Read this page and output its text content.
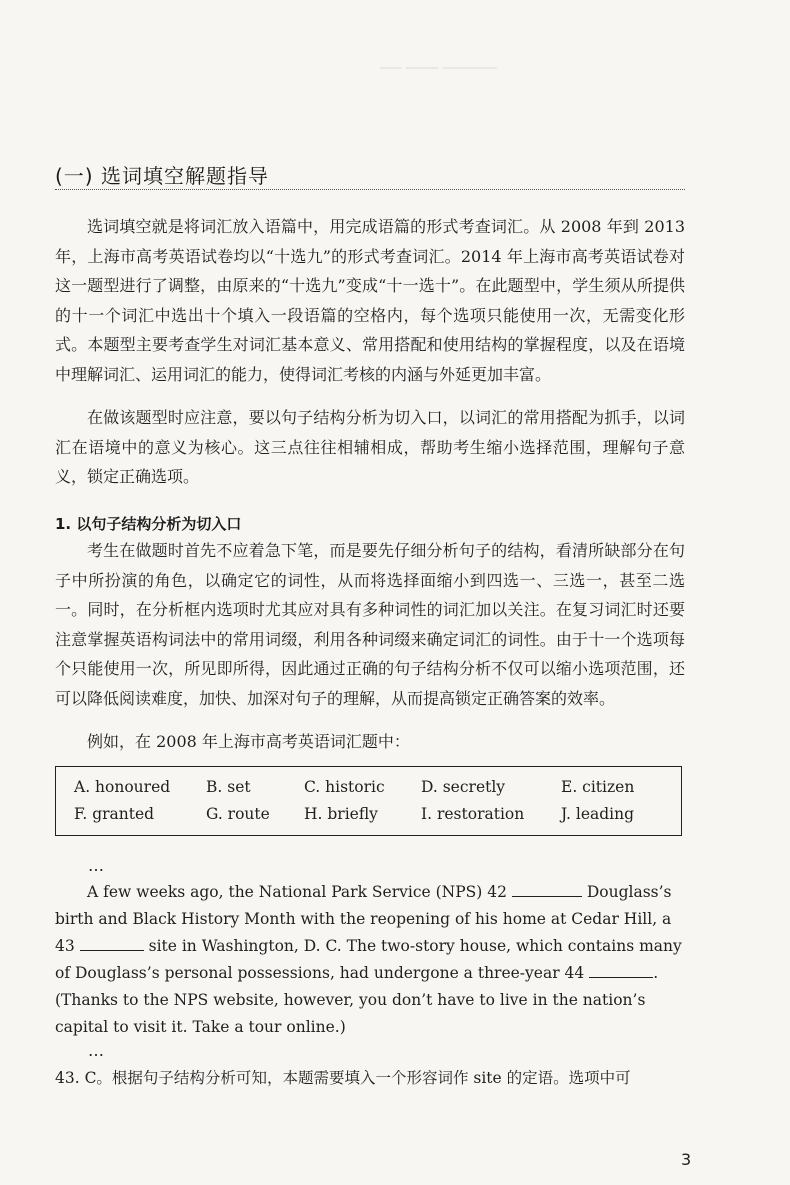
▔▔▔▔▔ ▔▔▔ ▔▔
(一) 选词填空解题指导

选词填空就是将词汇放入语篇中，用完成语篇的形式考查词汇。从 2008 年到 2013 年，上海市高考英语试卷均以“十选九”的形式考查词汇。2014 年上海市高考英语试卷对这一题型进行了调整，由原来的“十选九”变成“十一选十”。在此题型中，学生须从所提供的十一个词汇中选出十个填入一段语篇的空格内，每个选项只能使用一次，无需变化形式。本题型主要考查学生对词汇基本意义、常用搭配和使用结构的掌握程度，以及在语境中理解词汇、运用词汇的能力，使得词汇考核的内涵与外延更加丰富。

在做该题型时应注意，要以句子结构分析为切入口，以词汇的常用搭配为抓手，以词汇在语境中的意义为核心。这三点往往相辅相成，帮助考生缩小选择范围，理解句子意义，锁定正确选项。

1. 以句子结构分析为切入口

考生在做题时首先不应着急下笔，而是要先仔细分析句子的结构，看清所缺部分在句子中所扮演的角色，以确定它的词性，从而将选择面缩小到四选一、三选一，甚至二选一。同时，在分析框内选项时尤其应对具有多种词性的词汇加以关注。在复习词汇时还要注意掌握英语构词法中的常用词缀，利用各种词缀来确定词汇的词性。由于十一个选项每个只能使用一次，所见即所得，因此通过正确的句子结构分析不仅可以缩小选项范围，还可以降低阅读难度，加快、加深对句子的理解，从而提高锁定正确答案的效率。

例如，在 2008 年上海市高考英语词汇题中：

A. honoured B. set	C. historic D. secretly	E. citizen
F. granted	G. route H. briefly	I. restoration J. leading
…
A few weeks ago, the National Park Service (NPS) 42	Douglass’s
birth and Black History Month with the reopening of his home at Cedar Hill, a
43	site in Washington, D. C. The two-story house, which contains many
of Douglass’s personal possessions, had undergone a three-year 44	.
(Thanks to the NPS website, however, you don’t have to live in the nation’s
capital to visit it. Take a tour online.)
…

43. C。根据句子结构分析可知，本题需要填入一个形容词作 site 的定语。选项中可

3
